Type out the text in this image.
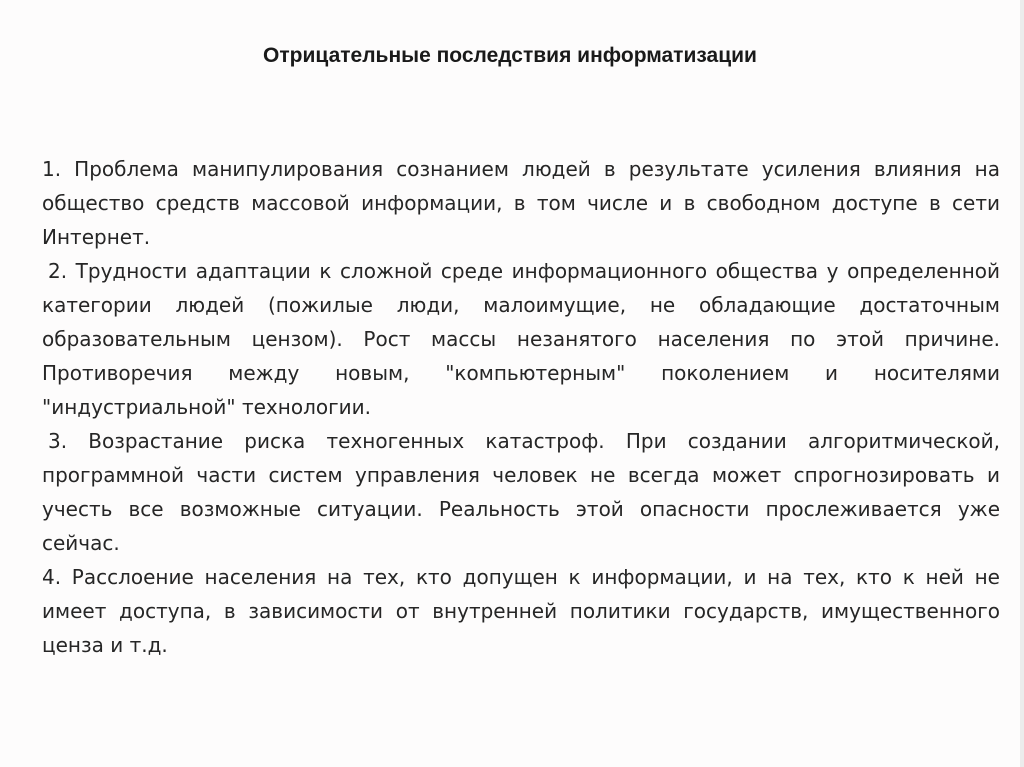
Отрицательные последствия информатизации

1. Проблема манипулирования сознанием людей в результате усиления влияния на общество средств массовой информации, в том числе и в свободном доступе в сети Интернет.

2. Трудности адаптации к сложной среде информационного общества у определенной категории людей (пожилые люди, малоимущие, не обладающие достаточным образовательным цензом). Рост массы незанятого населения по этой причине. Противоречия между новым, "компьютерным" поколением и носителями "индустриальной" технологии.

3. Возрастание риска техногенных катастроф. При создании алгоритмической, программной части систем управления человек не всегда может спрогнозировать и учесть все возможные ситуации. Реальность этой опасности прослеживается уже сейчас.

4. Расслоение населения на тех, кто допущен к информации, и на тех, кто к ней не имеет доступа, в зависимости от внутренней политики государств, имущественного ценза и т.д.
